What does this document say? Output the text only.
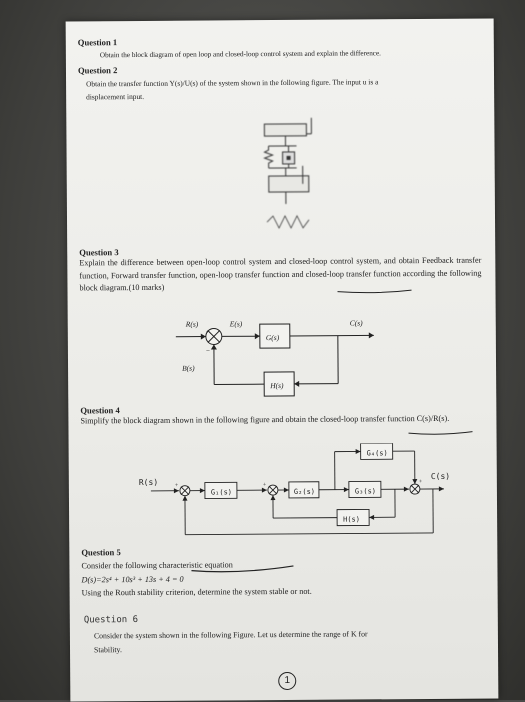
Question 1
Obtain the block diagram of open loop and closed-loop control system and explain the difference.
Question 2
Obtain the transfer function Y(s)/U(s) of the system shown in the following figure. The input u is a
displacement input.
Question 3
Explain the difference between open-loop control system and closed-loop control system, and obtain Feedback transfer function, Forward transfer function, open-loop transfer function and closed-loop transfer function according the following block diagram.(10 marks)
R(s)	E(s)
G(s)
C(s)
B(s)
H(s)
+
−
Question 4
Simplify the block diagram shown in the following figure and obtain the closed-loop transfer function C(s)/R(s).
R(s)
G₁(s)	G₂(s)	G₃(s)
G₄(s)
H(s)
C(s)
+	+
+
Question 5
Consider the following characteristic equation
D(s)=2s⁴ + 10s³ + 13s + 4 = 0
Using the Routh stability criterion, determine the system stable or not.
Question 6
Consider the system shown in the following Figure. Let us determine the range of K for
Stability.
1
